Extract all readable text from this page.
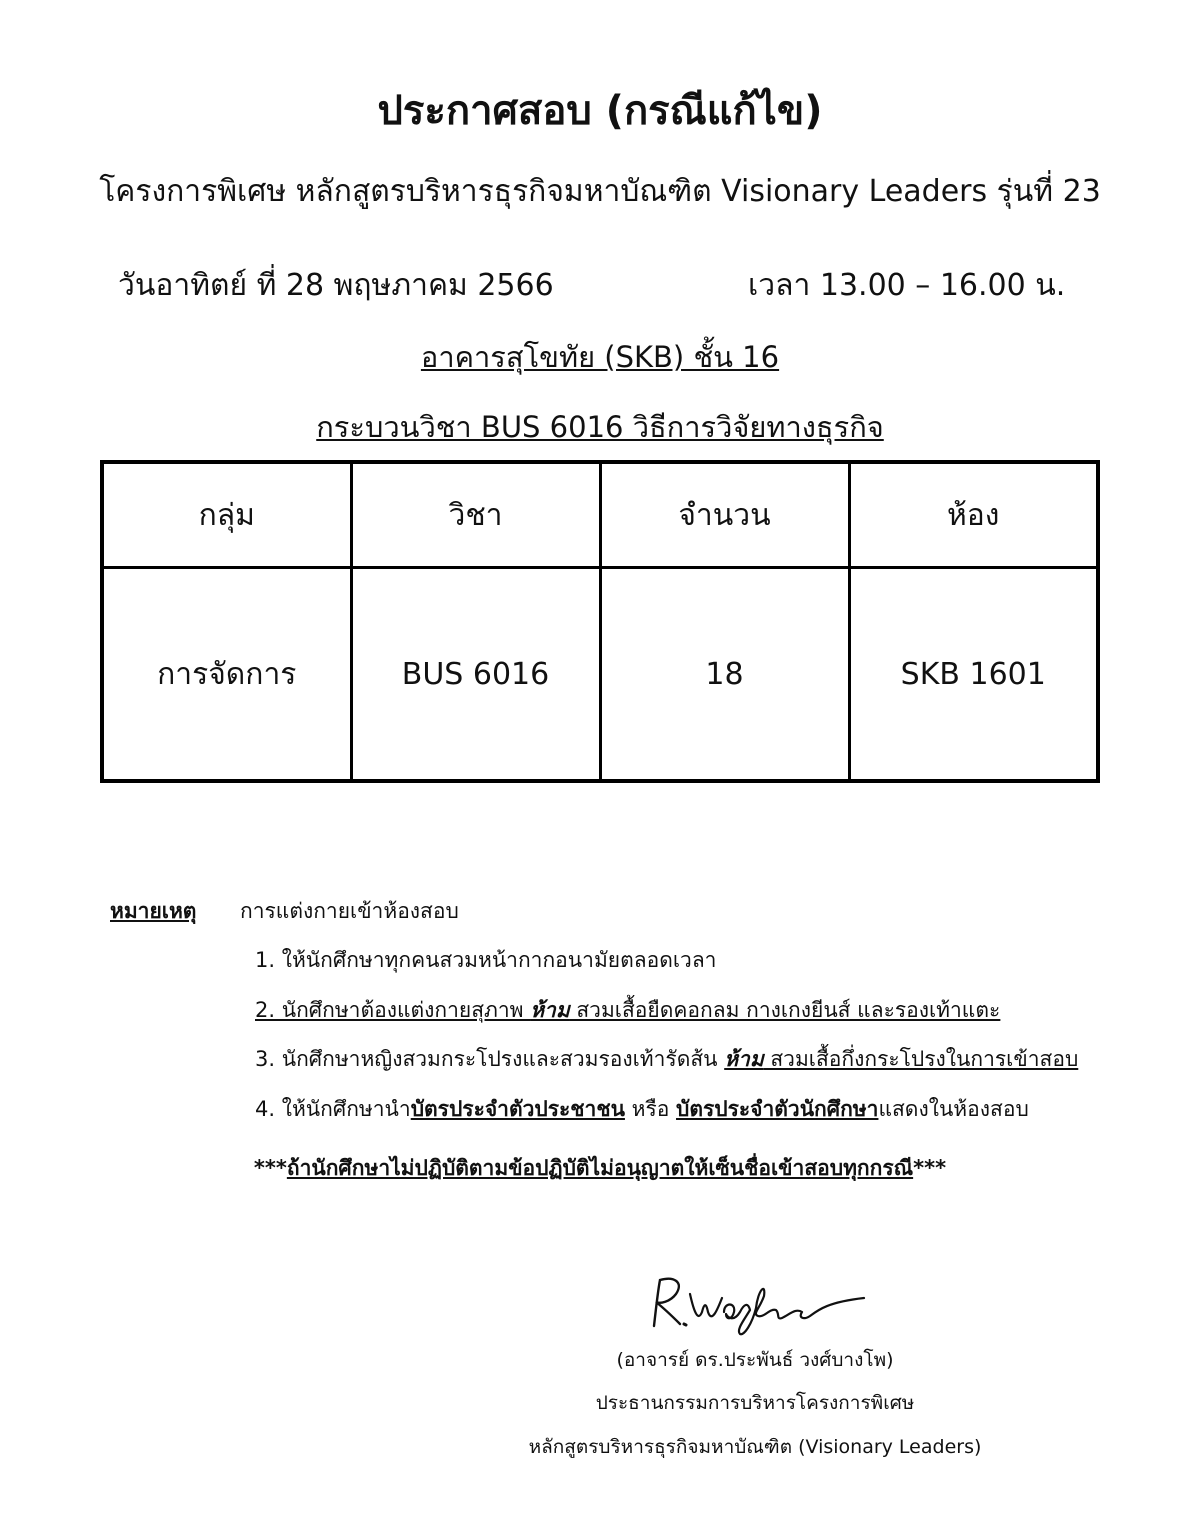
ประกาศสอบ (กรณีแก้ไข)
โครงการพิเศษ หลักสูตรบริหารธุรกิจมหาบัณฑิต Visionary Leaders รุ่นที่ 23
วันอาทิตย์ ที่ 28 พฤษภาคม 2566	เวลา 13.00 – 16.00 น.
อาคารสุโขทัย (SKB) ชั้น 16
กระบวนวิชา BUS 6016 วิธีการวิจัยทางธุรกิจ
กลุ่ม	วิชา	จำนวน	ห้อง
การจัดการ	BUS 6016	18	SKB 1601
หมายเหตุ การแต่งกายเข้าห้องสอบ
1. ให้นักศึกษาทุกคนสวมหน้ากากอนามัยตลอดเวลา
2. นักศึกษาต้องแต่งกายสุภาพ ห้าม สวมเสื้อยืดคอกลม กางเกงยีนส์ และรองเท้าแตะ
3. นักศึกษาหญิงสวมกระโปรงและสวมรองเท้ารัดส้น ห้าม สวมเสื้อกึ่งกระโปรงในการเข้าสอบ
4. ให้นักศึกษานำบัตรประจำตัวประชาชน หรือ บัตรประจำตัวนักศึกษาแสดงในห้องสอบ
***ถ้านักศึกษาไม่ปฏิบัติตามข้อปฏิบัติไม่อนุญาตให้เซ็นชื่อเข้าสอบทุกกรณี***
(อาจารย์ ดร.ประพันธ์ วงศ์บางโพ)
ประธานกรรมการบริหารโครงการพิเศษ
หลักสูตรบริหารธุรกิจมหาบัณฑิต (Visionary Leaders)
